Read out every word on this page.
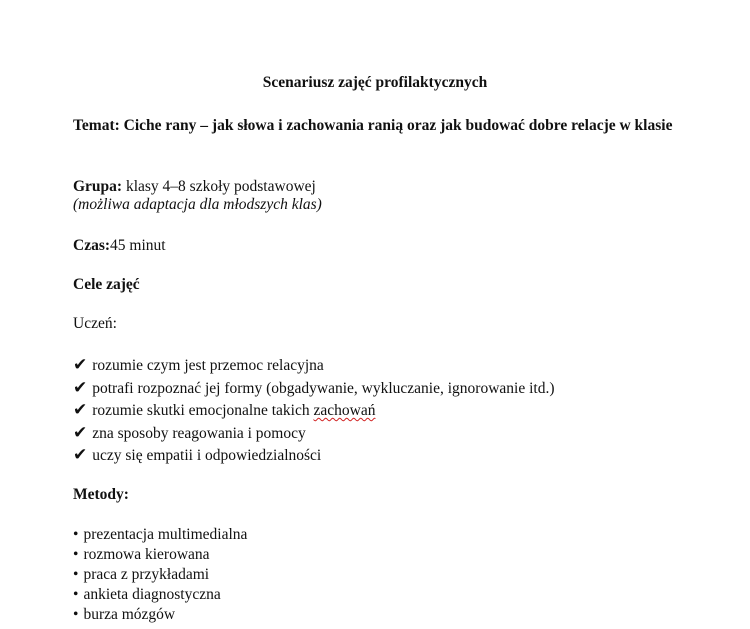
Scenariusz zajęć profilaktycznych
Temat: Ciche rany – jak słowa i zachowania ranią oraz jak budować dobre relacje w klasie
Grupa: klasy 4–8 szkoły podstawowej
(możliwa adaptacja dla młodszych klas)
Czas:45 minut
Cele zajęć
Uczeń:
✔ rozumie czym jest przemoc relacyjna
✔ potrafi rozpoznać jej formy (obgadywanie, wykluczanie, ignorowanie itd.)
✔ rozumie skutki emocjonalne takich zachowań
✔ zna sposoby reagowania i pomocy
✔ uczy się empatii i odpowiedzialności
Metody:
• prezentacja multimedialna
• rozmowa kierowana
• praca z przykładami
• ankieta diagnostyczna
• burza mózgów
